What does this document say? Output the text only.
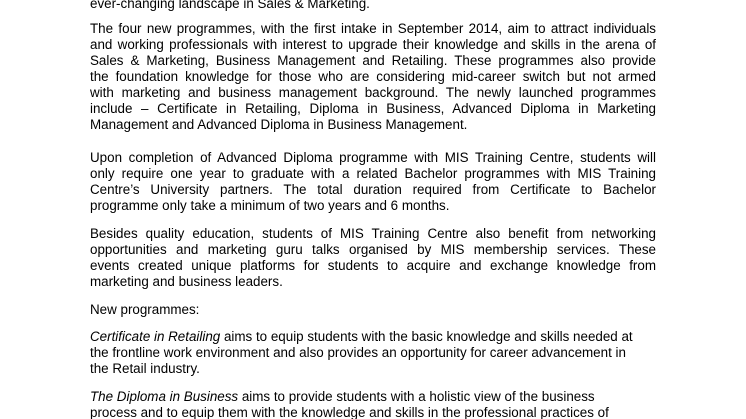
ever-changing landscape in Sales & Marketing.

The four new programmes, with the first intake in September 2014, aim to attract individuals
and working professionals with interest to upgrade their knowledge and skills in the arena of
Sales & Marketing, Business Management and Retailing. These programmes also provide
the foundation knowledge for those who are considering mid-career switch but not armed
with marketing and business management background. The newly launched programmes
include – Certificate in Retailing, Diploma in Business, Advanced Diploma in Marketing
Management and Advanced Diploma in Business Management.

Upon completion of Advanced Diploma programme with MIS Training Centre, students will
only require one year to graduate with a related Bachelor programmes with MIS Training
Centre’s University partners. The total duration required from Certificate to Bachelor
programme only take a minimum of two years and 6 months.

Besides quality education, students of MIS Training Centre also benefit from networking
opportunities and marketing guru talks organised by MIS membership services. These
events created unique platforms for students to acquire and exchange knowledge from
marketing and business leaders.

New programmes:

Certificate in Retailing aims to equip students with the basic knowledge and skills needed at
the frontline work environment and also provides an opportunity for career advancement in
the Retail industry.

The Diploma in Business aims to provide students with a holistic view of the business
process and to equip them with the knowledge and skills in the professional practices of
